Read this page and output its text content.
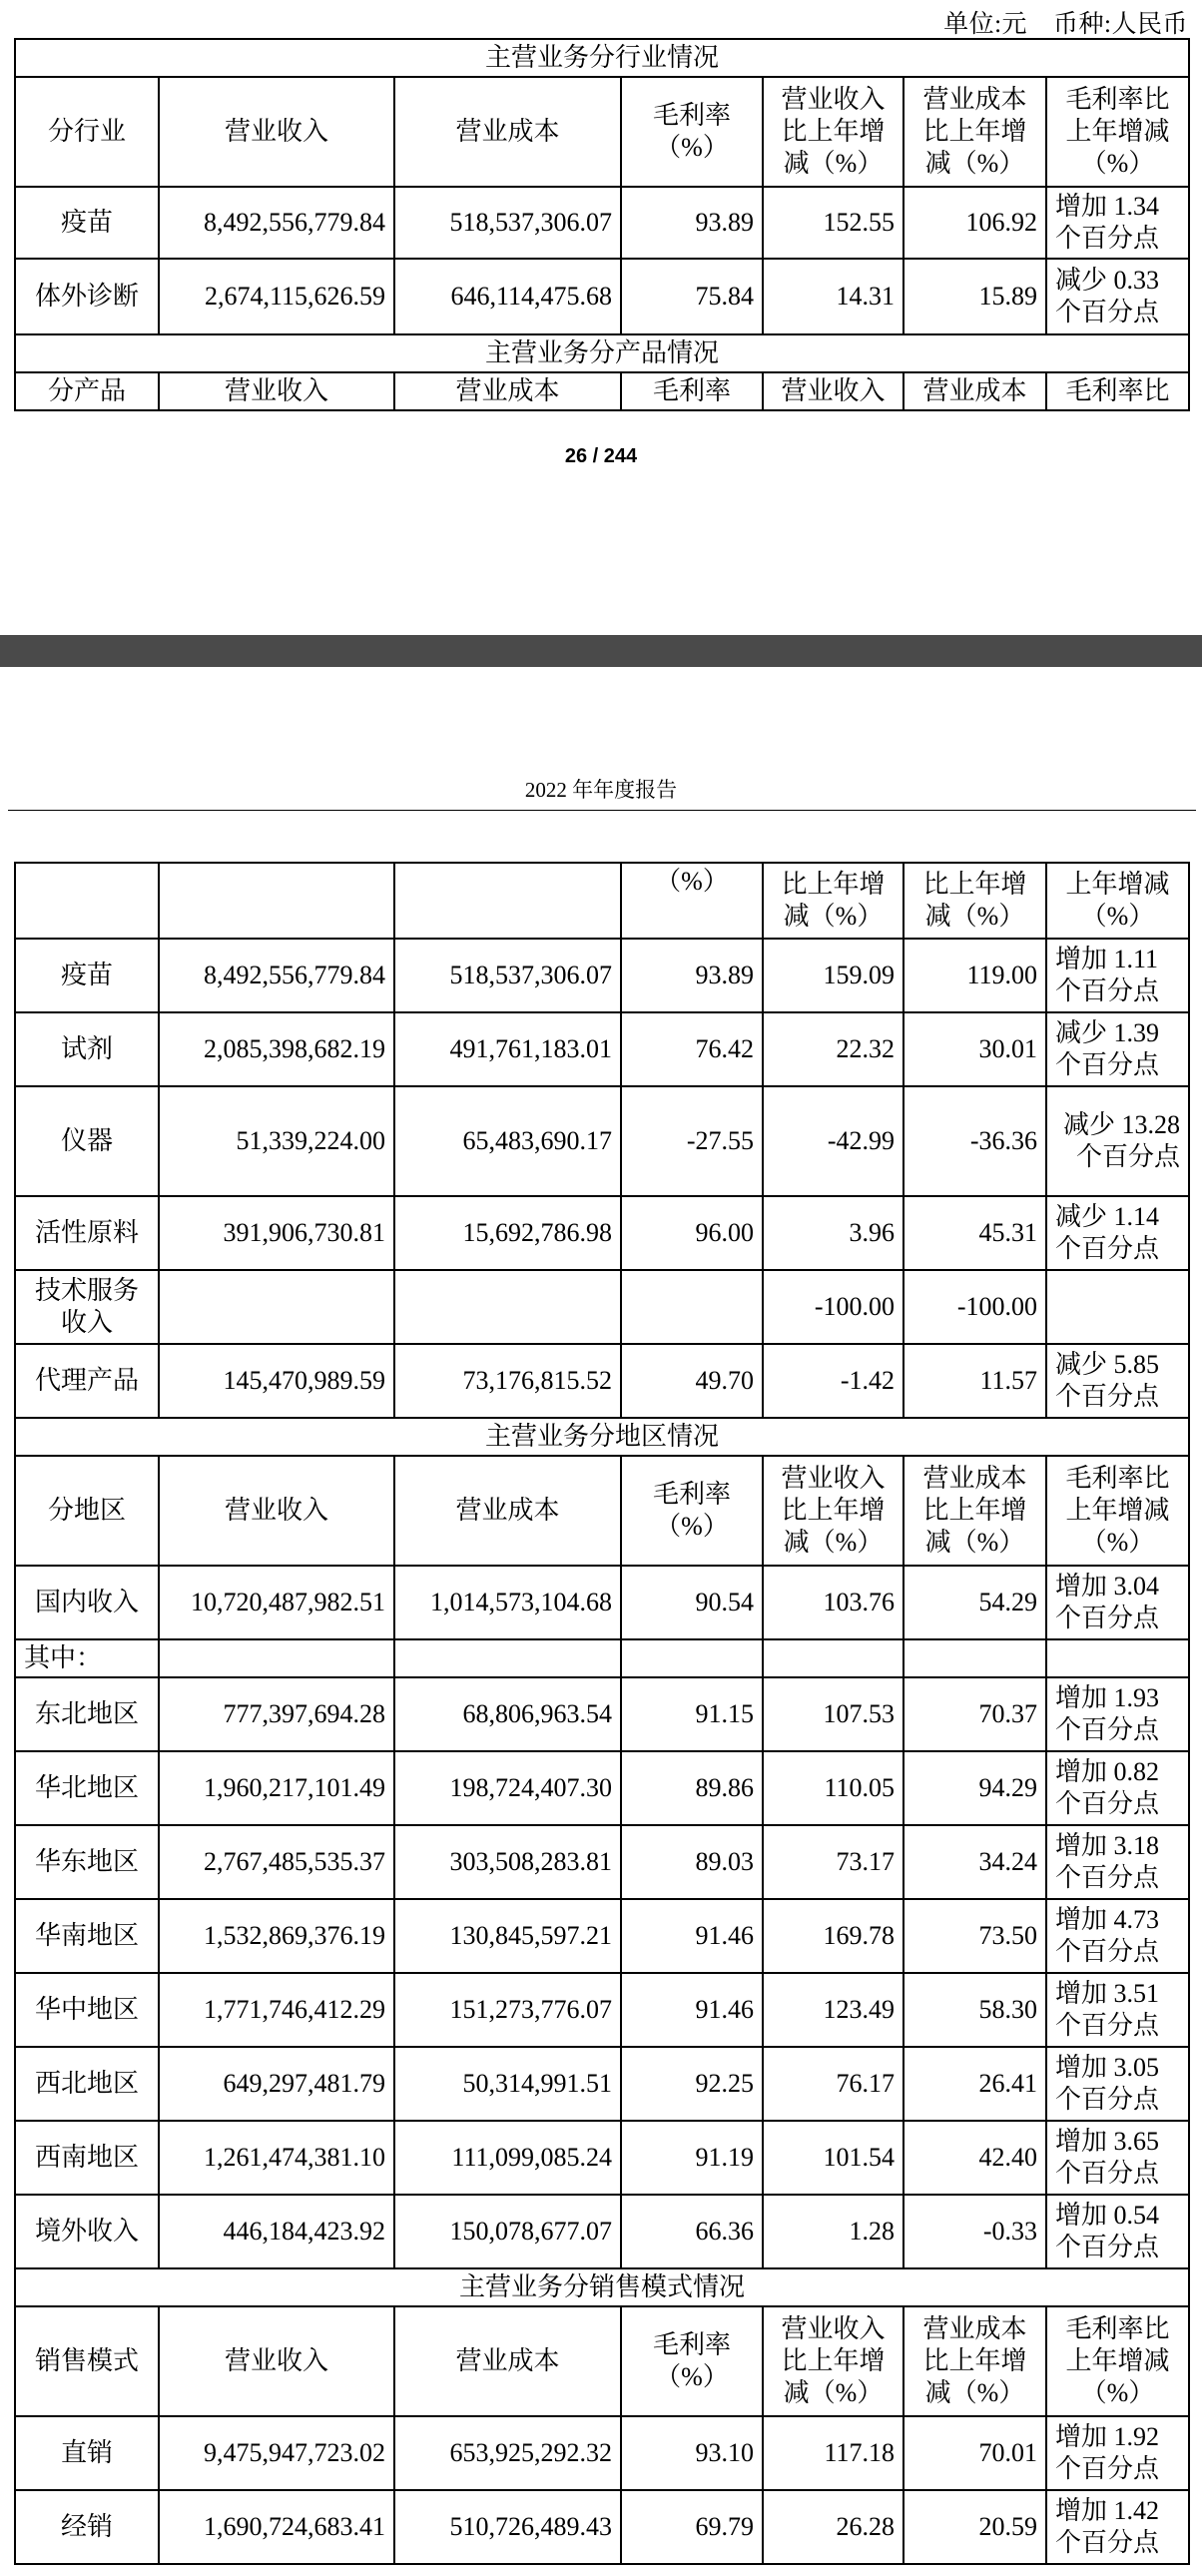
单位:元 币种:人民币
主营业务分行业情况						
分行业	营业收入	营业成本	毛利率（%）	营业收入比上年增减（%）	营业成本比上年增减（%）	毛利率比上年增减（%）
疫苗	8,492,556,779.84	518,537,306.07	93.89	152.55	106.92	增加 1.34 个百分点
体外诊断	2,674,115,626.59	646,114,475.68	75.84	14.31	15.89	减少 0.33 个百分点
主营业务分产品情况						
分产品	营业收入	营业成本	毛利率	营业收入	营业成本	毛利率比
26 / 244
2022 年年度报告
			（%）	比上年增减（%）	比上年增减（%）	上年增减（%）
疫苗	8,492,556,779.84	518,537,306.07	93.89	159.09	119.00	增加 1.11 个百分点
试剂	2,085,398,682.19	491,761,183.01	76.42	22.32	30.01	减少 1.39 个百分点
仪器	51,339,224.00	65,483,690.17	-27.55	-42.99	-36.36	减少 13.28 个百分点
活性原料	391,906,730.81	15,692,786.98	96.00	3.96	45.31	减少 1.14 个百分点
技术服务收入				-100.00	-100.00	
代理产品	145,470,989.59	73,176,815.52	49.70	-1.42	11.57	减少 5.85 个百分点
主营业务分地区情况						
分地区	营业收入	营业成本	毛利率（%）	营业收入比上年增减（%）	营业成本比上年增减（%）	毛利率比上年增减（%）
国内收入	10,720,487,982.51	1,014,573,104.68	90.54	103.76	54.29	增加 3.04 个百分点
其中：						
东北地区	777,397,694.28	68,806,963.54	91.15	107.53	70.37	增加 1.93 个百分点
华北地区	1,960,217,101.49	198,724,407.30	89.86	110.05	94.29	增加 0.82 个百分点
华东地区	2,767,485,535.37	303,508,283.81	89.03	73.17	34.24	增加 3.18 个百分点
华南地区	1,532,869,376.19	130,845,597.21	91.46	169.78	73.50	增加 4.73 个百分点
华中地区	1,771,746,412.29	151,273,776.07	91.46	123.49	58.30	增加 3.51 个百分点
西北地区	649,297,481.79	50,314,991.51	92.25	76.17	26.41	增加 3.05 个百分点
西南地区	1,261,474,381.10	111,099,085.24	91.19	101.54	42.40	增加 3.65 个百分点
境外收入	446,184,423.92	150,078,677.07	66.36	1.28	-0.33	增加 0.54 个百分点
主营业务分销售模式情况						
销售模式	营业收入	营业成本	毛利率（%）	营业收入比上年增减（%）	营业成本比上年增减（%）	毛利率比上年增减（%）
直销	9,475,947,723.02	653,925,292.32	93.10	117.18	70.01	增加 1.92 个百分点
经销	1,690,724,683.41	510,726,489.43	69.79	26.28	20.59	增加 1.42 个百分点
